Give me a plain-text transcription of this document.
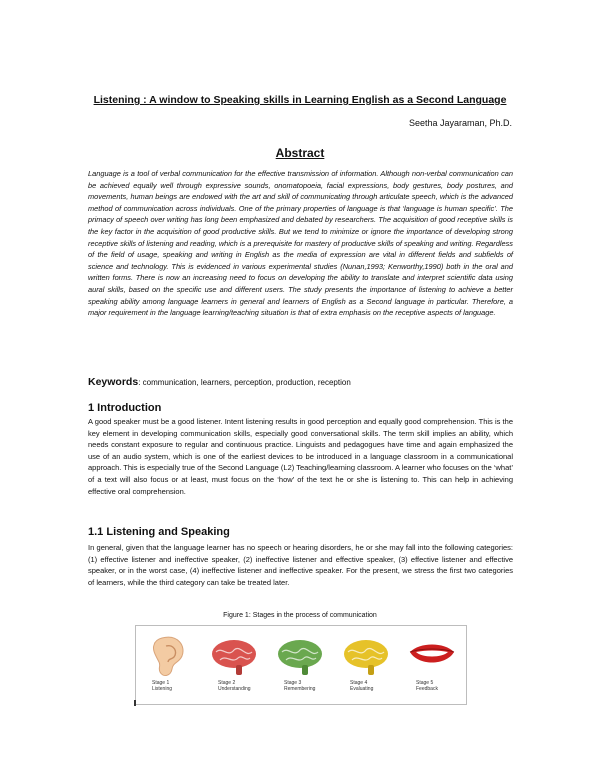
Listening : A window to Speaking skills in Learning English as a Second Language
Seetha Jayaraman, Ph.D.
Abstract

Language is a tool of verbal communication for the effective transmission of information. Although non-verbal communication can be achieved equally well through expressive sounds, onomatopoeia, facial expressions, body gestures, body postures, and movements, human beings are endowed with the art and skill of communicating through articulate speech, which is the advanced method of communication across individuals. One of the primary properties of language is that ‘language is human specific’. The primacy of speech over writing has long been emphasized and debated by researchers. The acquisition of good receptive skills is the key factor in the acquisition of good productive skills. But we tend to minimize or ignore the importance of developing strong receptive skills of listening and reading, which is a prerequisite for mastery of productive skills of speaking and writing. Regardless of the field of usage, speaking and writing in English as the media of expression are vital in different fields and subfields of science and technology. This is evidenced in various experimental studies (Nunan,1993; Kenworthy,1990) both in the oral and written forms. There is now an increasing need to focus on developing the ability to translate and interpret scientific data using aural skills, based on the specific use and different users. The study presents the importance of listening to achieve a better speaking ability among language learners in general and learners of English as a Second language in particular. Therefore, a major requirement in the language learning/teaching situation is that of extra emphasis on the receptive aspects of language.

Keywords: communication, learners, perception, production, reception

1 Introduction

A good speaker must be a good listener. Intent listening results in good perception and equally good comprehension. This is the key element in developing communication skills, especially good conversational skills. The term skill implies an ability, which needs constant exposure to regular and continuous practice. Linguists and pedagogues have time and again emphasized the use of an audio system, which is one of the earliest devices to be introduced in a language classroom in a communicational approach. This is especially true of the Second Language (L2) Teaching/learning classroom. A learner who focuses on the ‘what’ of a text will also focus or at least, must focus on the ‘how’ of the text he or she is listening to. This can help in achieving effective oral comprehension.

1.1 Listening and Speaking

In general, given that the language learner has no speech or hearing disorders, he or she may fall into the following categories: (1) effective listener and ineffective speaker, (2) ineffective listener and effective speaker, (3) effective listener and effective speaker, or in the worst case, (4) ineffective listener and ineffective speaker. For the present, we stress the first two categories of learners, while the third category can take be treated later.

Figure 1: Stages in the process of communication
Stage 1
Listening
Stage 2
Understanding
Stage 3
Remembering
Stage 4
Evaluating
Stage 5
Feedback
